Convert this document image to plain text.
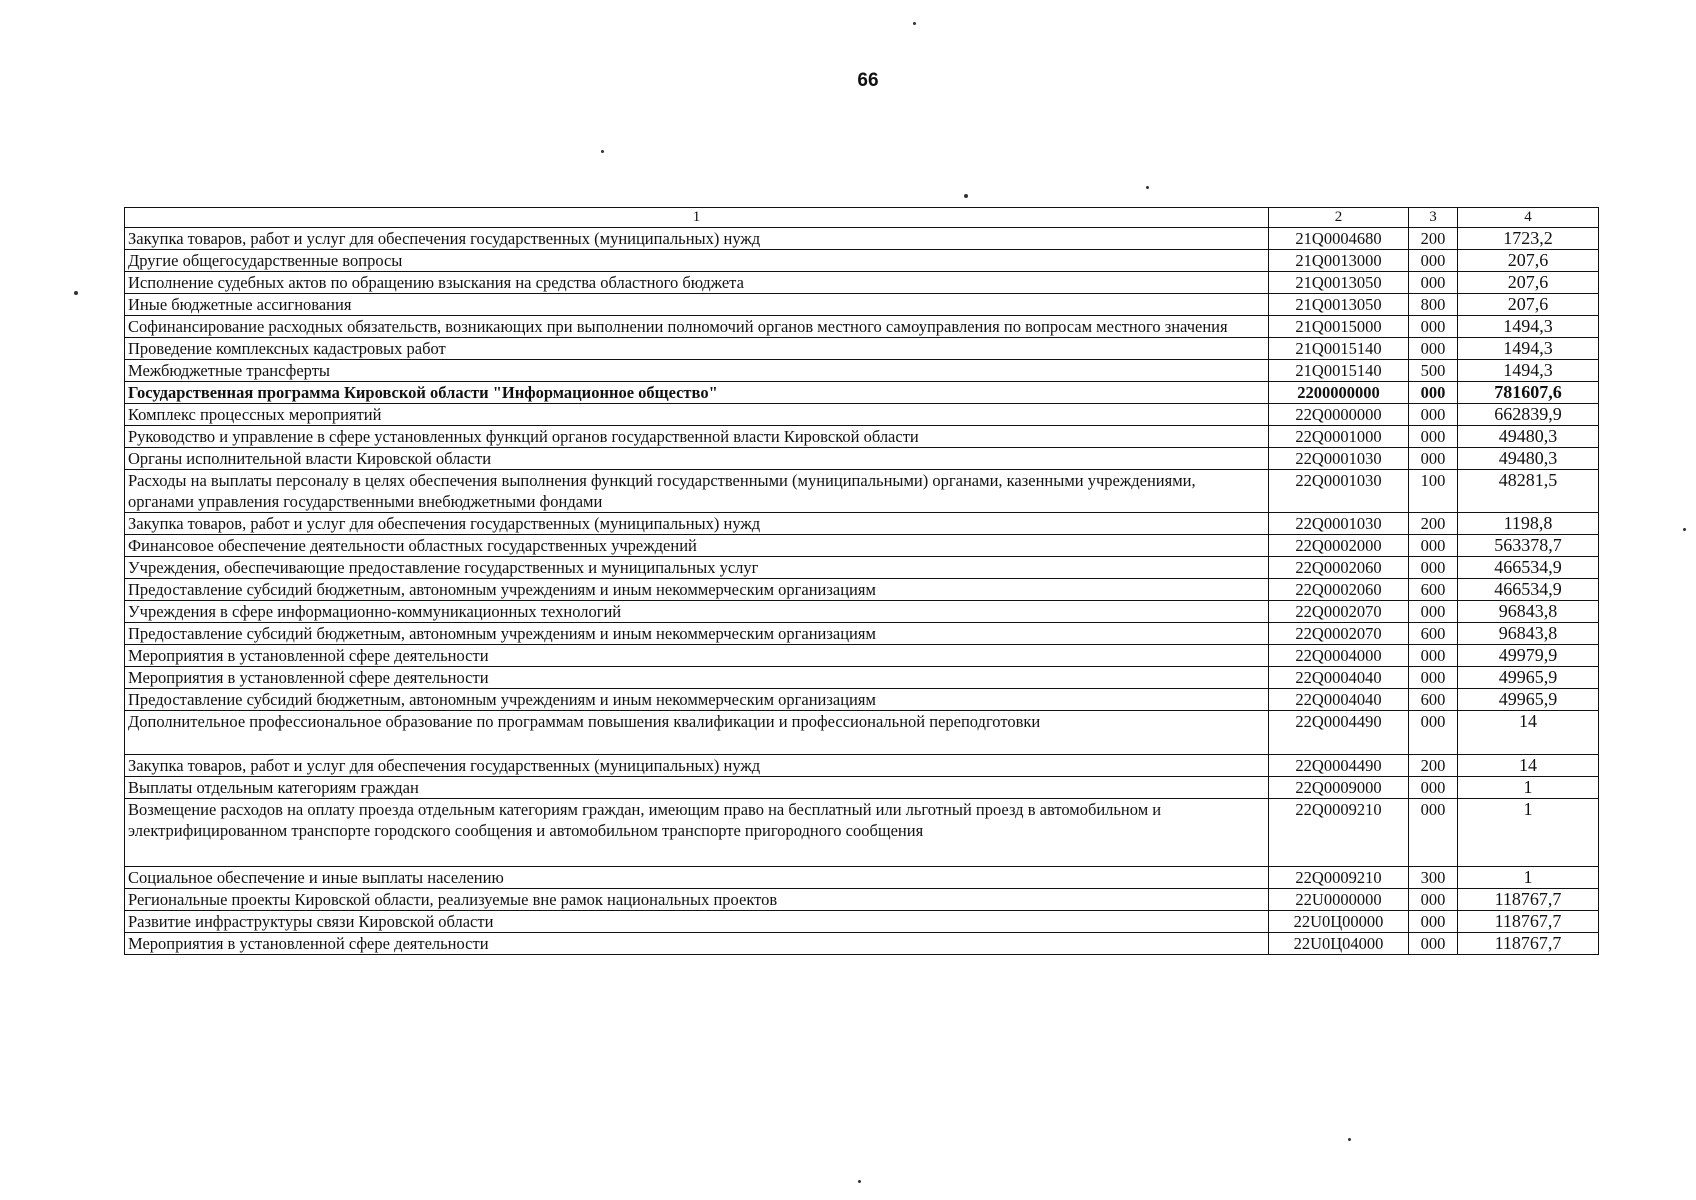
66
1	2	3	4
Закупка товаров, работ и услуг для обеспечения государственных (муниципальных) нужд	21Q0004680	200	1723,2
Другие общегосударственные вопросы	21Q0013000	000	207,6
Исполнение судебных актов по обращению взыскания на средства областного бюджета	21Q0013050	000	207,6
Иные бюджетные ассигнования	21Q0013050	800	207,6
Софинансирование расходных обязательств, возникающих при выполнении полномочий органов местного самоуправления по вопросам местного значения	21Q0015000	000	1494,3
Проведение комплексных кадастровых работ	21Q0015140	000	1494,3
Межбюджетные трансферты	21Q0015140	500	1494,3
Государственная программа Кировской области "Информационное общество"	2200000000	000	781607,6
Комплекс процессных мероприятий	22Q0000000	000	662839,9
Руководство и управление в сфере установленных функций органов государственной власти Кировской области	22Q0001000	000	49480,3
Органы исполнительной власти Кировской области	22Q0001030	000	49480,3
Расходы на выплаты персоналу в целях обеспечения выполнения функций государственными (муниципальными) органами, казенными учреждениями, органами управления государственными внебюджетными фондами	22Q0001030	100	48281,5
Закупка товаров, работ и услуг для обеспечения государственных (муниципальных) нужд	22Q0001030	200	1198,8
Финансовое обеспечение деятельности областных государственных учреждений	22Q0002000	000	563378,7
Учреждения, обеспечивающие предоставление государственных и муниципальных услуг	22Q0002060	000	466534,9
Предоставление субсидий бюджетным, автономным учреждениям и иным некоммерческим организациям	22Q0002060	600	466534,9
Учреждения в сфере информационно-коммуникационных технологий	22Q0002070	000	96843,8
Предоставление субсидий бюджетным, автономным учреждениям и иным некоммерческим организациям	22Q0002070	600	96843,8
Мероприятия в установленной сфере деятельности	22Q0004000	000	49979,9
Мероприятия в установленной сфере деятельности	22Q0004040	000	49965,9
Предоставление субсидий бюджетным, автономным учреждениям и иным некоммерческим организациям	22Q0004040	600	49965,9
Дополнительное профессиональное образование по программам повышения квалификации и профессиональной переподготовки	22Q0004490	000	14
Закупка товаров, работ и услуг для обеспечения государственных (муниципальных) нужд	22Q0004490	200	14
Выплаты отдельным категориям граждан	22Q0009000	000	1
Возмещение расходов на оплату проезда отдельным категориям граждан, имеющим право на бесплатный или льготный проезд в автомобильном и электрифицированном транспорте городского сообщения и автомобильном транспорте пригородного сообщения	22Q0009210	000	1
Социальное обеспечение и иные выплаты населению	22Q0009210	300	1
Региональные проекты Кировской области, реализуемые вне рамок национальных проектов	22U0000000	000	118767,7
Развитие инфраструктуры связи Кировской области	22U0Ц00000	000	118767,7
Мероприятия в установленной сфере деятельности	22U0Ц04000	000	118767,7
